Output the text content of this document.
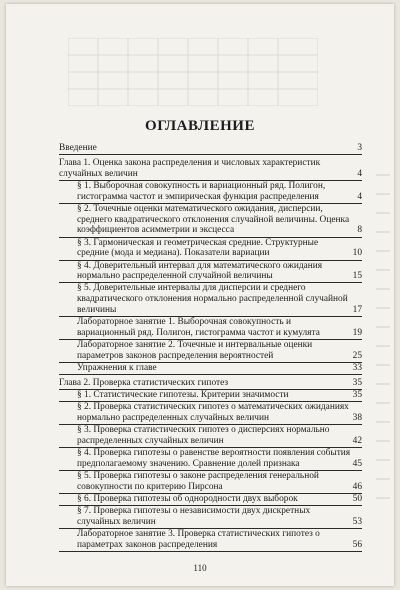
ОГЛАВЛЕНИЕ
Введение	3
Глава 1. Оценка закона распределения и числовых характеристик случайных величин	4
§ 1. Выборочная совокупность и вариационный ряд. Полигон, гистограмма частот и эмпирическая функция распределения	4
§ 2. Точечные оценки математического ожидания, дисперсии, среднего квадратического отклонения случайной величины. Оценка коэффициентов асимметрии и эксцесса	8
§ 3. Гармоническая и геометрическая средние. Структурные средние (мода и медиана). Показатели вариации	10
§ 4. Доверительный интервал для математического ожидания нормально распределенной случайной величины	15
§ 5. Доверительные интервалы для дисперсии и среднего квадратического отклонения нормально распределенной случайной величины	17
Лабораторное занятие 1. Выборочная совокупность и вариационный ряд. Полигон, гистограмма частот и кумулята	19
Лабораторное занятие 2. Точечные и интервальные оценки параметров законов распределения вероятностей	25
Упражнения к главе	33
Глава 2. Проверка статистических гипотез	35
§ 1. Статистические гипотезы. Критерии значимости	35
§ 2. Проверка статистических гипотез о математических ожиданиях нормально распределенных случайных величин	38
§ 3. Проверка статистических гипотез о дисперсиях нормально распределенных случайных величин	42
§ 4. Проверка гипотезы о равенстве вероятности появления события предполагаемому значению. Сравнение долей признака	45
§ 5. Проверка гипотезы о законе распределения генеральной совокупности по критерию Пирсона	46
§ 6. Проверка гипотезы об однородности двух выборок	50
§ 7. Проверка гипотезы о независимости двух дискретных случайных величин	53
Лабораторное занятие 3. Проверка статистических гипотез о параметрах законов распределения	56
110
